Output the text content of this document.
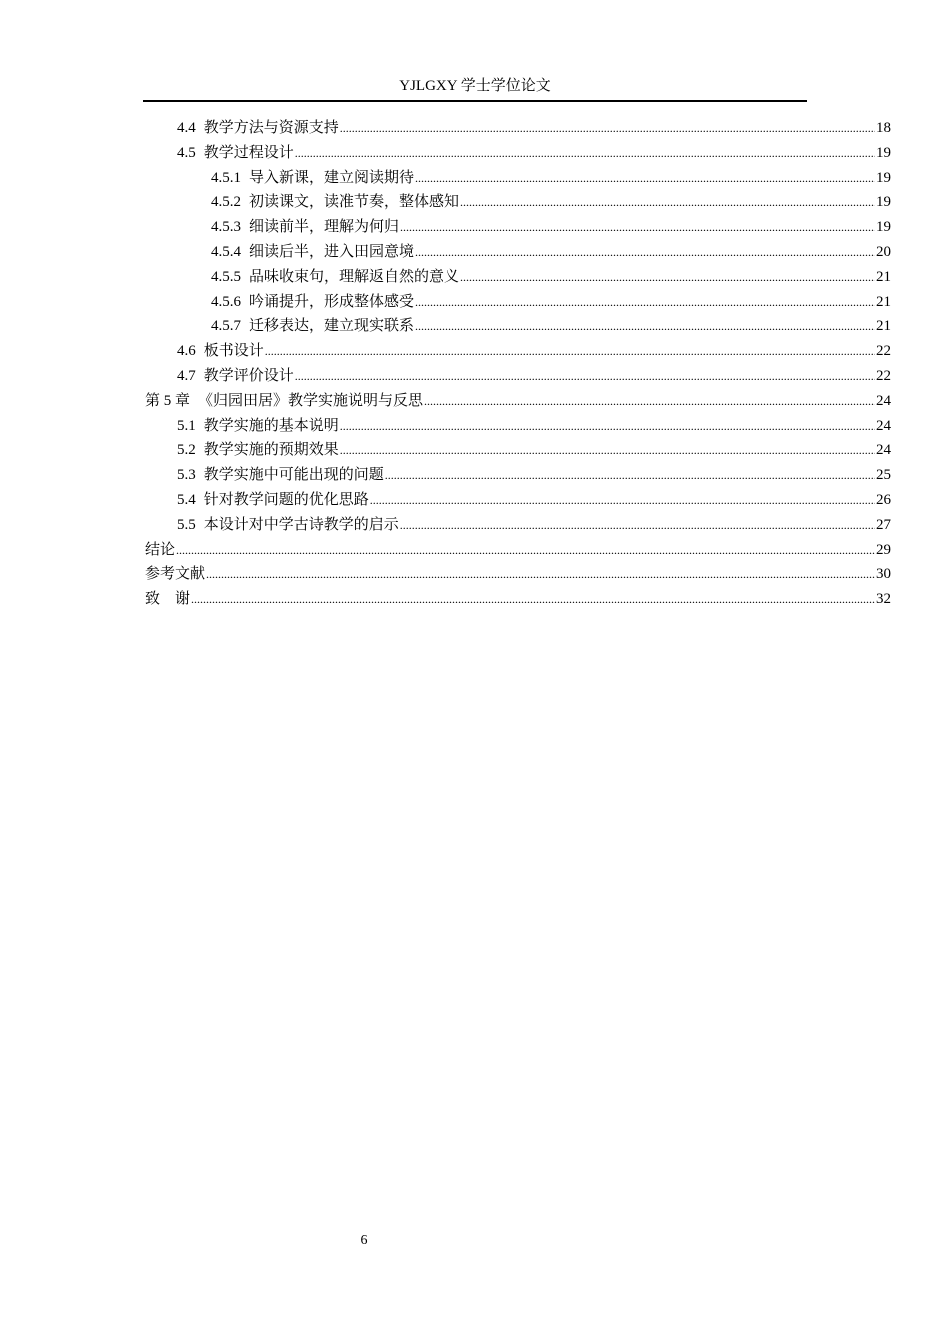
YJLGXY 学士学位论文
4.4 教学方法与资源支持 .....	18
4.5 教学过程设计 .....	19
4.5.1 导入新课，建立阅读期待 .....	19
4.5.2 初读课文，读准节奏，整体感知 .....	19
4.5.3 细读前半，理解为何归 .....	19
4.5.4 细读后半，进入田园意境 .....	20
4.5.5 品味收束句，理解返自然的意义 .....	21
4.5.6 吟诵提升，形成整体感受 .....	21
4.5.7 迁移表达，建立现实联系 .....	21
4.6 板书设计 .....	22
4.7 教学评价设计 .....	22
第 5 章 《归园田居》教学实施说明与反思 .....	24
5.1 教学实施的基本说明 .....	24
5.2 教学实施的预期效果 .....	24
5.3 教学实施中可能出现的问题 .....	25
5.4 针对教学问题的优化思路 .....	26
5.5 本设计对中学古诗教学的启示 .....	27
结论 .....	29
参考文献 .....	30
致　谢 .....	32
6
